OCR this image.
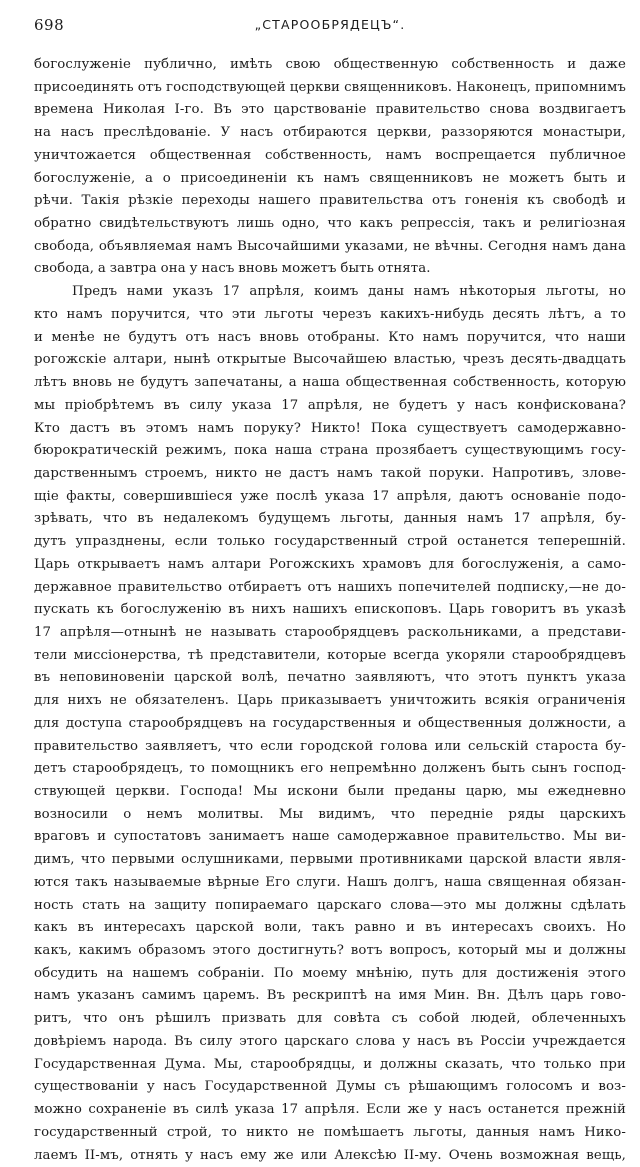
698	„СТАРООБРЯДЕЦЪ“.
богослуженіе публично, имѣть свою общественную собственность и даже
присоединять отъ господствующей церкви священниковъ. Наконецъ, припомнимъ
времена Николая I-го. Въ это царствованіе правительство снова воздвигаетъ
на насъ преслѣдованіе. У насъ отбираются церкви, раззоряются монастыри,
уничтожается общественная собственность, намъ воспрещается публичное
богослуженіе, а о присоединеніи къ намъ священниковъ не можетъ быть и
рѣчи. Такія рѣзкіе переходы нашего правительства отъ гоненія къ свободѣ и
обратно свидѣтельствуютъ лишь одно, что какъ репрессія, такъ и религіозная
свобода, объявляемая намъ Высочайшими указами, не вѣчны. Сегодня намъ дана
свобода, а завтра она у насъ вновь можетъ быть отнята.
Предъ нами указъ 17 апрѣля, коимъ даны намъ нѣкоторыя льготы, но
кто намъ поручится, что эти льготы черезъ какихъ-нибудь десять лѣтъ, а то
и менѣе не будутъ отъ насъ вновь отобраны. Кто намъ поручится, что наши
рогожскіе алтари, нынѣ открытые Высочайшею властью, чрезъ десять-двадцать
лѣтъ вновь не будутъ запечатаны, а наша общественная собственность, которую
мы пріобрѣтемъ въ силу указа 17 апрѣля, не будетъ у насъ конфискована?
Кто дастъ въ этомъ намъ поруку? Никто! Пока существуетъ самодержавно-
бюрократическій режимъ, пока наша страна прозябаетъ существующимъ госу-
дарственнымъ строемъ, никто не дастъ намъ такой поруки. Напротивъ, злове-
щіе факты, совершившіеся уже послѣ указа 17 апрѣля, даютъ основаніе подо-
зрѣвать, что въ недалекомъ будущемъ льготы, данныя намъ 17 апрѣля, бу-
дутъ упразднены, если только государственный строй останется теперешній.
Царь открываетъ намъ алтари Рогожскихъ храмовъ для богослуженія, а само-
державное правительство отбираетъ отъ нашихъ попечителей подписку,—не до-
пускать къ богослуженію въ нихъ нашихъ епископовъ. Царь говоритъ въ указѣ
17 апрѣля—отнынѣ не называть старообрядцевъ раскольниками, а представи-
тели миссіонерства, тѣ представители, которые всегда укоряли старообрядцевъ
въ неповиновеніи царской волѣ, печатно заявляютъ, что этотъ пунктъ указа
для нихъ не обязателенъ. Царь приказываетъ уничтожить всякія ограниченія
для доступа старообрядцевъ на государственныя и общественныя должности, а
правительство заявляетъ, что если городской голова или сельскій староста бу-
детъ старообрядецъ, то помощникъ его непремѣнно долженъ быть сынъ господ-
ствующей церкви. Господа! Мы искони были преданы царю, мы ежедневно
возносили о немъ молитвы. Мы видимъ, что передніе ряды царскихъ
враговъ и супостатовъ занимаетъ наше самодержавное правительство. Мы ви-
димъ, что первыми ослушниками, первыми противниками царской власти явля-
ются такъ называемые вѣрные Его слуги. Нашъ долгъ, наша священная обязан-
ность стать на защиту попираемаго царскаго слова—это мы должны сдѣлать
какъ въ интересахъ царской воли, такъ равно и въ интересахъ своихъ. Но
какъ, какимъ образомъ этого достигнуть? вотъ вопросъ, который мы и должны
обсудить на нашемъ собраніи. По моему мнѣнію, путь для достиженія этого
намъ указанъ самимъ царемъ. Въ рескриптѣ на имя Мин. Вн. Дѣлъ царь гово-
ритъ, что онъ рѣшилъ призвать для совѣта съ собой людей, облеченныхъ
довѣріемъ народа. Въ силу этого царскаго слова у насъ въ Россіи учреждается
Государственная Дума. Мы, старообрядцы, и должны сказать, что только при
существованіи у насъ Государственной Думы съ рѣшающимъ голосомъ и воз-
можно сохраненіе въ силѣ указа 17 апрѣля. Если же у насъ останется прежній
государственный строй, то никто не помѣшаетъ льготы, данныя намъ Нико-
лаемъ II-мъ, отнять у насъ ему же или Алексѣю II-му. Очень возможная вещь,
